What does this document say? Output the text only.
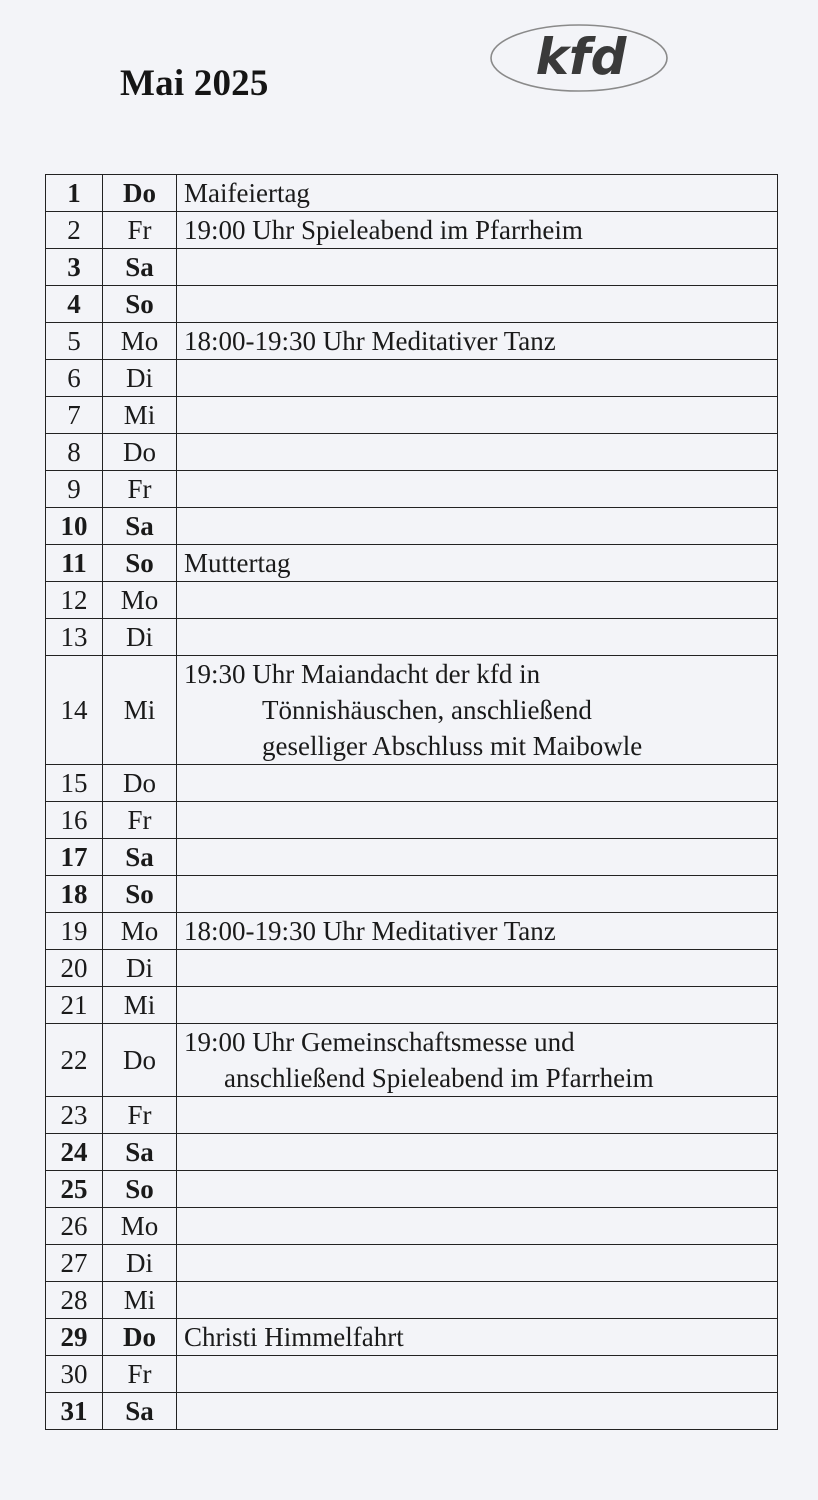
Mai 2025	kfd
1	Do	Maifeiertag

2	Fr	19:00 Uhr Spieleabend im Pfarrheim

3	Sa	
4	So	
5	Mo	18:00-19:30 Uhr Meditativer Tanz

6	Di	
7	Mi	
8	Do	
9	Fr	
10	Sa	
11	So	Muttertag

12	Mo	
13	Di	
14	Mi	19:30 Uhr Maiandacht der kfd in
Tönnishäuschen, anschließend
geselliger Abschluss mit Maibowle

15	Do	
16	Fr	
17	Sa	
18	So	
19	Mo	18:00-19:30 Uhr Meditativer Tanz

20	Di	
21	Mi	
22	Do	19:00 Uhr Gemeinschaftsmesse und
anschließend Spieleabend im Pfarrheim

23	Fr	
24	Sa	
25	So	
26	Mo	
27	Di	
28	Mi	
29	Do	Christi Himmelfahrt

30	Fr	
31	Sa	
